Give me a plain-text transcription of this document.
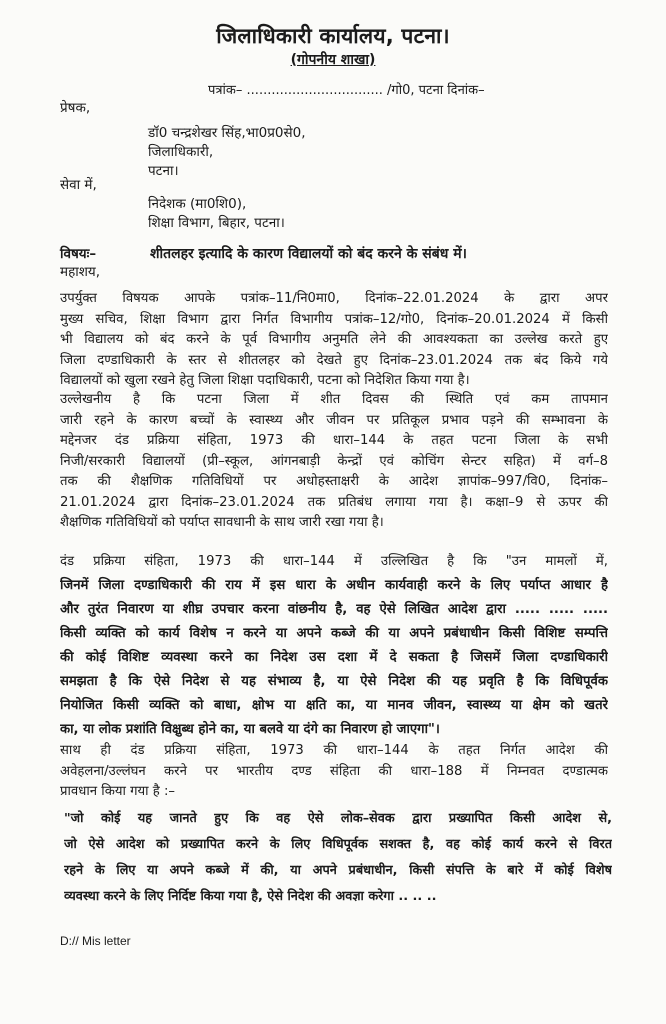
जिलाधिकारी कार्यालय, पटना।
(गोपनीय शाखा)
पत्रांक– ................................. /गो0, पटना दिनांक–
प्रेषक,
डॉ0 चन्द्रशेखर सिंह,भा0प्र0से0,
जिलाधिकारी,
पटना।
सेवा में,
निदेशक (मा0शि0),
शिक्षा विभाग, बिहार, पटना।
विषयः–	शीतलहर इत्यादि के कारण विद्यालयों को बंद करने के संबंध में।
महाशय,
उपर्युक्त विषयक आपके पत्रांक–11/नि0मा0, दिनांक–22.01.2024 के द्वारा अपर
मुख्य सचिव, शिक्षा विभाग द्वारा निर्गत विभागीय पत्रांक–12/गो0, दिनांक–20.01.2024 में किसी
भी विद्यालय को बंद करने के पूर्व विभागीय अनुमति लेने की आवश्यकता का उल्लेख करते हुए
जिला दण्डाधिकारी के स्तर से शीतलहर को देखते हुए दिनांक–23.01.2024 तक बंद किये गये
विद्यालयों को खुला रखने हेतु जिला शिक्षा पदाधिकारी, पटना को निदेशित किया गया है।
उल्लेखनीय है कि पटना जिला में शीत दिवस की स्थिति एवं कम तापमान
जारी रहने के कारण बच्चों के स्वास्थ्य और जीवन पर प्रतिकूल प्रभाव पड़ने की सम्भावना के
मद्देनजर दंड प्रक्रिया संहिता, 1973 की धारा–144 के तहत पटना जिला के सभी
निजी/सरकारी विद्यालयों (प्री–स्कूल, आंगनबाड़ी केन्द्रों एवं कोचिंग सेन्टर सहित) में वर्ग–8
तक की शैक्षणिक गतिविधियों पर अधोहस्ताक्षरी के आदेश ज्ञापांक–997/वि0, दिनांक–
21.01.2024 द्वारा दिनांक–23.01.2024 तक प्रतिबंध लगाया गया है। कक्षा–9 से ऊपर की
शैक्षणिक गतिविधियों को पर्याप्त सावधानी के साथ जारी रखा गया है।
दंड प्रक्रिया संहिता, 1973 की धारा–144 में उल्लिखित है कि "उन मामलों में,
जिनमें जिला दण्डाधिकारी की राय में इस धारा के अधीन कार्यवाही करने के लिए पर्याप्त आधार है
और तुरंत निवारण या शीघ्र उपचार करना वांछनीय है, वह ऐसे लिखित आदेश द्वारा ..... ..... .....
किसी व्यक्ति को कार्य विशेष न करने या अपने कब्जे की या अपने प्रबंधाधीन किसी विशिष्ट सम्पत्ति
की कोई विशिष्ट व्यवस्था करने का निदेश उस दशा में दे सकता है जिसमें जिला दण्डाधिकारी
समझता है कि ऐसे निदेश से यह संभाव्य है, या ऐसे निदेश की यह प्रवृति है कि विधिपूर्वक
नियोजित किसी व्यक्ति को बाधा, क्षोभ या क्षति का, या मानव जीवन, स्वास्थ्य या क्षेम को खतरे
का, या लोक प्रशांति विक्षुब्ध होने का, या बलवे या दंगे का निवारण हो जाएगा"।
साथ ही दंड प्रक्रिया संहिता, 1973 की धारा–144 के तहत निर्गत आदेश की
अवेहलना/उल्लंघन करने पर भारतीय दण्ड संहिता की धारा–188 में निम्नवत दण्डात्मक
प्रावधान किया गया है :–
"जो कोई यह जानते हुए कि वह ऐसे लोक–सेवक द्वारा प्रख्यापित किसी आदेश से,
जो ऐसे आदेश को प्रख्यापित करने के लिए विधिपूर्वक सशक्त है, वह कोई कार्य करने से विरत
रहने के लिए या अपने कब्जे में की, या अपने प्रबंधाधीन, किसी संपत्ति के बारे में कोई विशेष
व्यवस्था करने के लिए निर्दिष्ट किया गया है, ऐसे निदेश की अवज्ञा करेगा .. .. ..
D:// Mis letter
